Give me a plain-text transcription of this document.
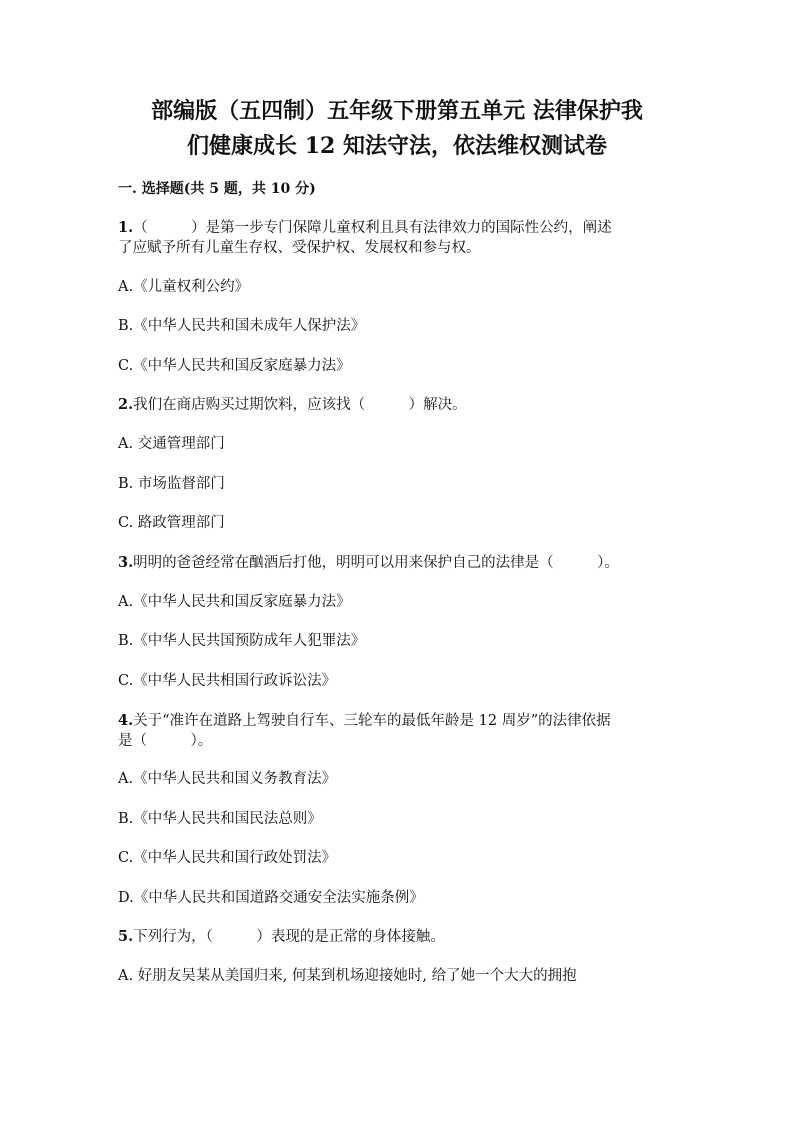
部编版（五四制）五年级下册第五单元 法律保护我
们健康成长 12 知法守法，依法维权测试卷
一. 选择题(共 5 题，共 10 分)
1.（　　　）是第一步专门保障儿童权利且具有法律效力的国际性公约，阐述
了应赋予所有儿童生存权、受保护权、发展权和参与权。
A.《儿童权利公约》
B.《中华人民共和国未成年人保护法》
C.《中华人民共和国反家庭暴力法》
2.我们在商店购买过期饮料，应该找（　　　）解决。
A. 交通管理部门
B. 市场监督部门
C. 路政管理部门
3.明明的爸爸经常在酗酒后打他，明明可以用来保护自己的法律是（　　　）。
A.《中华人民共和国反家庭暴力法》
B.《中华人民共国预防成年人犯罪法》
C.《中华人民共相国行政诉讼法》
4.关于“准许在道路上驾驶自行车、三轮车的最低年龄是 12 周岁”的法律依据
是（　　　）。
A.《中华人民共和国义务教育法》
B.《中华人民共和国民法总则》
C.《中华人民共和国行政处罚法》
D.《中华人民共和国道路交通安全法实施条例》
5.下列行为，（　　　）表现的是正常的身体接触。
A. 好朋友吴某从美国归来, 何某到机场迎接她时, 给了她一个大大的拥抱
